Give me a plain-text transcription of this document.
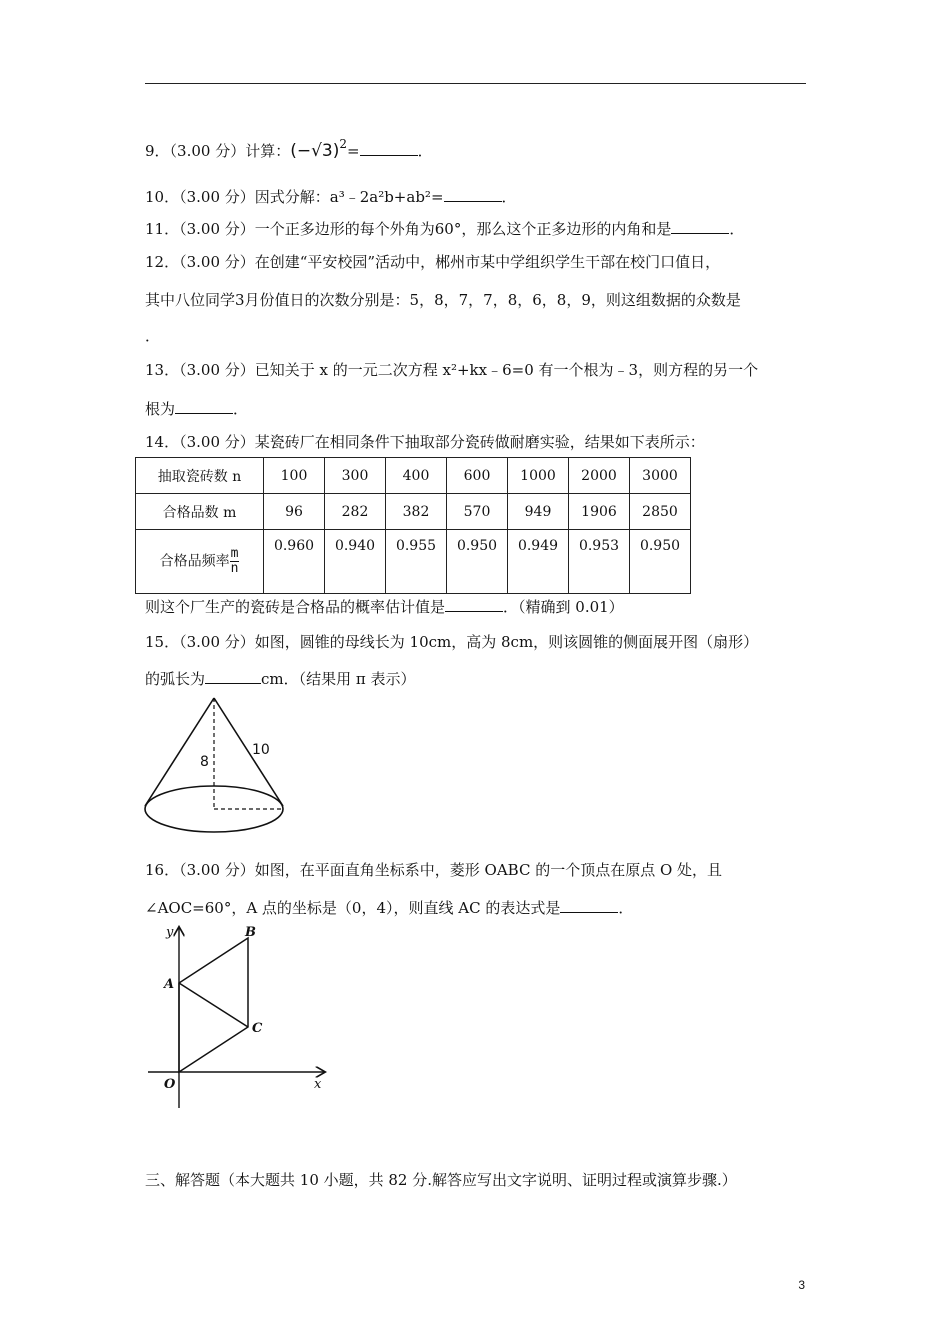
9．（3.00 分）计算：$(-√3)^2=$	．
10．（3.00 分）因式分解：a³﹣2a²b+ab²=	．
11．（3.00 分）一个正多边形的每个外角为60°，那么这个正多边形的内角和是	．
12．（3.00 分）在创建“平安校园”活动中，郴州市某中学组织学生干部在校门口值日，
其中八位同学3月份值日的次数分别是：5，8，7，7，8，6，8，9，则这组数据的众数是
．
13．（3.00 分）已知关于 x 的一元二次方程 x²+kx﹣6=0 有一个根为﹣3，则方程的另一个
根为	．
14．（3.00 分）某瓷砖厂在相同条件下抽取部分瓷砖做耐磨实验，结果如下表所示：
抽取瓷砖数 n	100	300	400	600	1000	2000	3000
合格品数 m	96	282	382	570	949	1906	2850
合格品频率 $\frac{m}{n}$	0.960	0.940	0.955	0.950	0.949	0.953	0.950
则这个厂生产的瓷砖是合格品的概率估计值是	．（精确到 0.01）
15．（3.00 分）如图，圆锥的母线长为 10cm，高为 8cm，则该圆锥的侧面展开图（扇形）
的弧长为	cm．（结果用 π 表示）
8
10
16．（3.00 分）如图，在平面直角坐标系中，菱形 OABC 的一个顶点在原点 O 处，且
∠AOC=60°，A 点的坐标是（0，4），则直线 AC 的表达式是	．
y
x
O
A
B
C
三、解答题（本大题共 10 小题，共 82 分.解答应写出文字说明、证明过程或演算步骤.）
3
